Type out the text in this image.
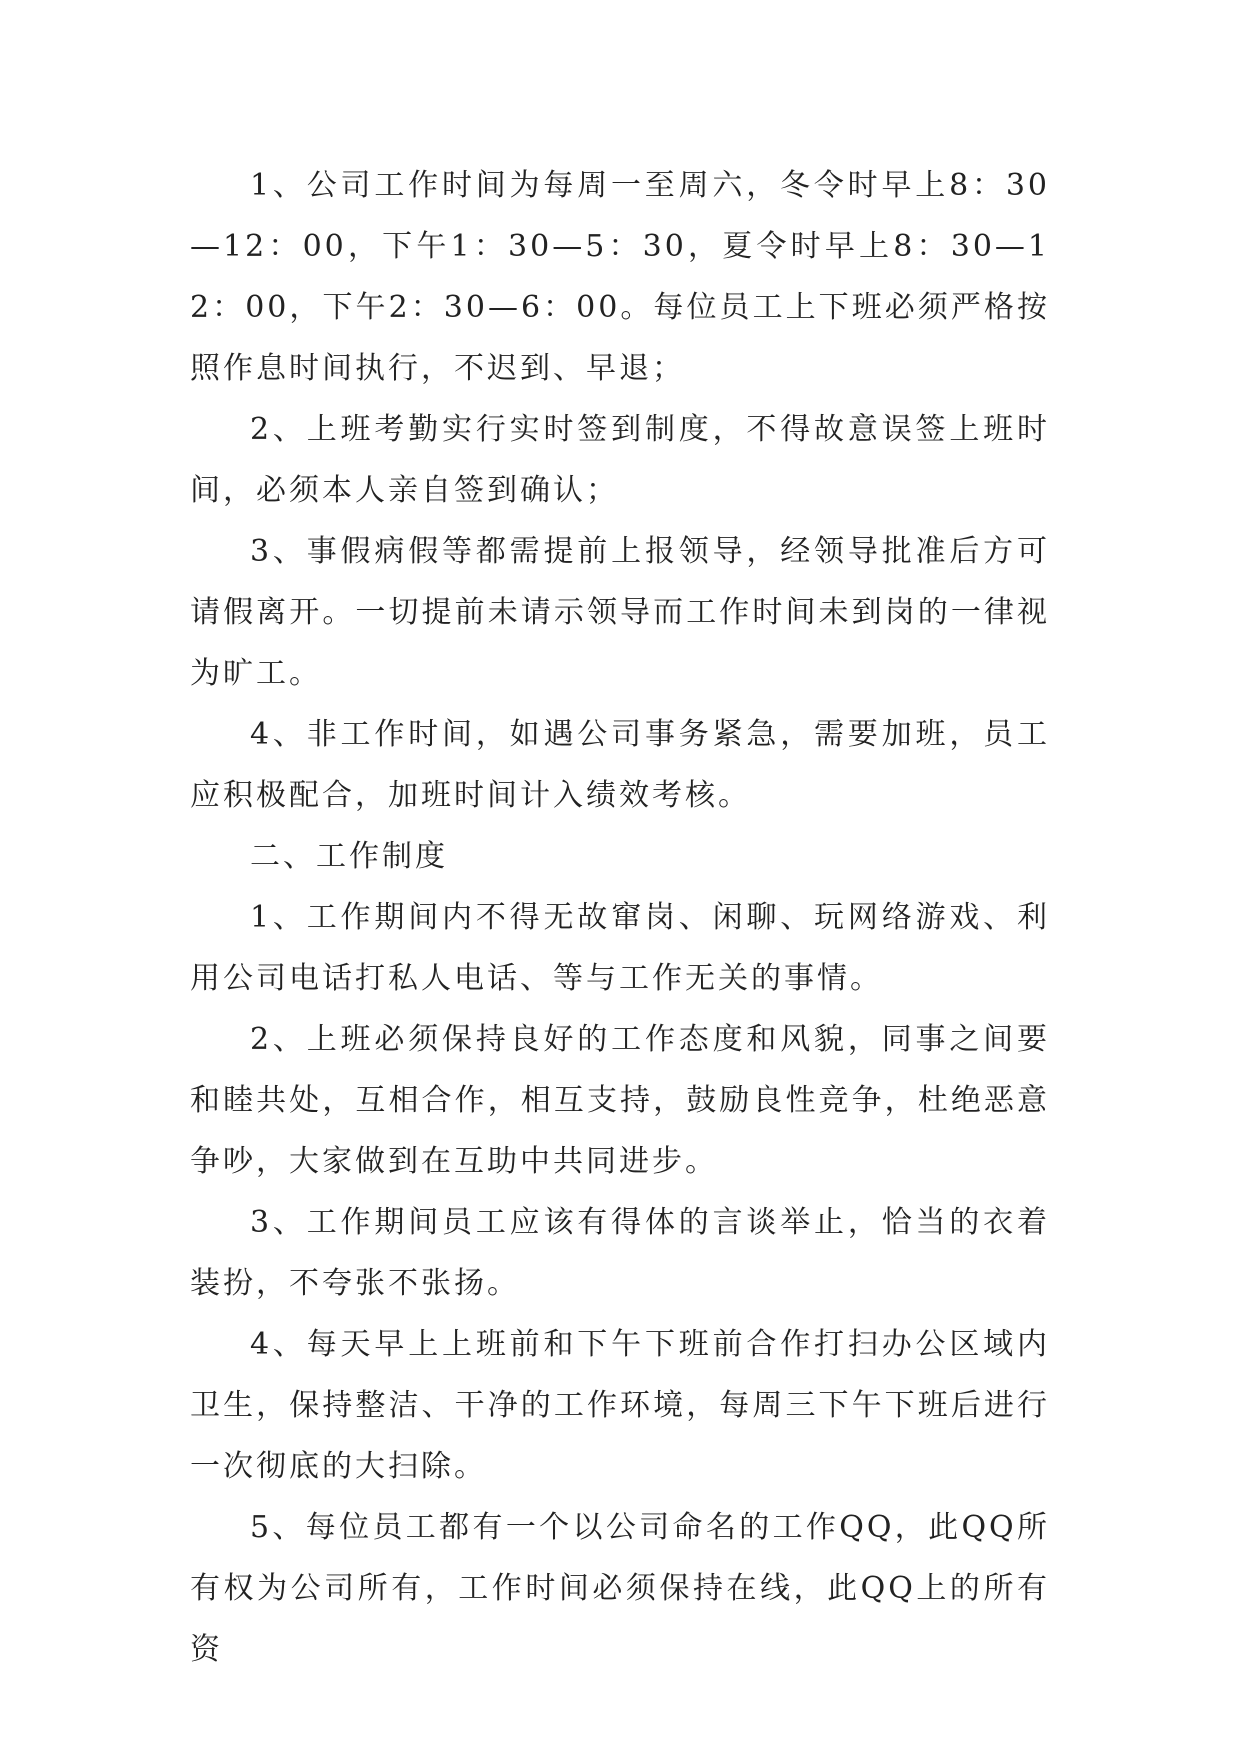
1、公司工作时间为每周一至周六，冬令时早上8：30—12：00，下午1：30—5：30，夏令时早上8：30—12：00，下午2：30—6：00。每位员工上下班必须严格按照作息时间执行，不迟到、早退；

2、上班考勤实行实时签到制度，不得故意误签上班时间，必须本人亲自签到确认；

3、事假病假等都需提前上报领导，经领导批准后方可请假离开。一切提前未请示领导而工作时间未到岗的一律视为旷工。

4、非工作时间，如遇公司事务紧急，需要加班，员工应积极配合，加班时间计入绩效考核。

二、工作制度

1、工作期间内不得无故窜岗、闲聊、玩网络游戏、利用公司电话打私人电话、等与工作无关的事情。

2、上班必须保持良好的工作态度和风貌，同事之间要和睦共处，互相合作，相互支持，鼓励良性竞争，杜绝恶意争吵，大家做到在互助中共同进步。

3、工作期间员工应该有得体的言谈举止，恰当的衣着装扮，不夸张不张扬。

4、每天早上上班前和下午下班前合作打扫办公区域内卫生，保持整洁、干净的工作环境，每周三下午下班后进行一次彻底的大扫除。

5、每位员工都有一个以公司命名的工作QQ，此QQ所有权为公司所有，工作时间必须保持在线，此QQ上的所有资
